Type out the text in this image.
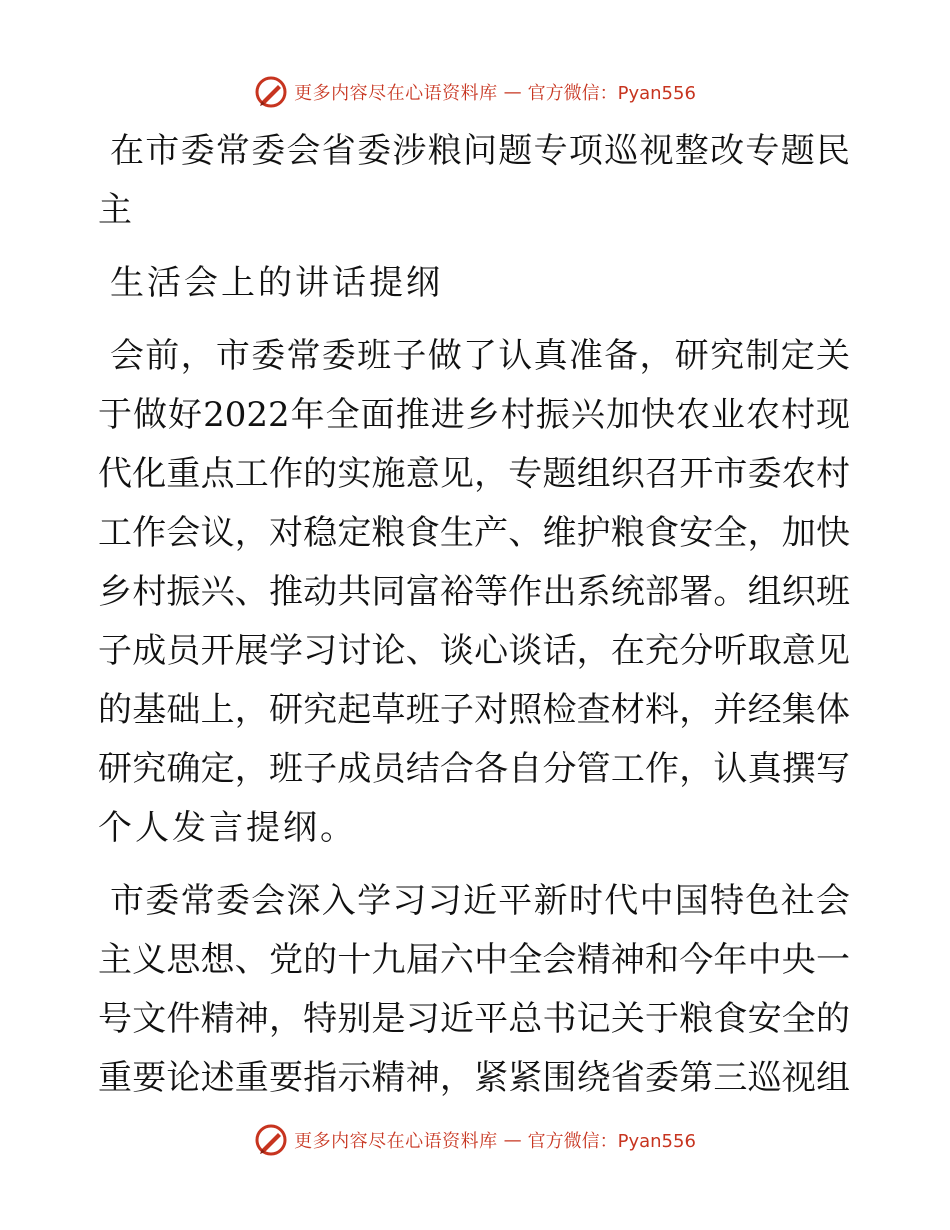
更多内容尽在心语资料库 — 官方微信：Pyan556
在市委常委会省委涉粮问题专项巡视整改专题民
主
生活会上的讲话提纲
会前，市委常委班子做了认真准备，研究制定关
于做好2022年全面推进乡村振兴加快农业农村现
代化重点工作的实施意见，专题组织召开市委农村
工作会议，对稳定粮食生产、维护粮食安全，加快
乡村振兴、推动共同富裕等作出系统部署。组织班
子成员开展学习讨论、谈心谈话，在充分听取意见
的基础上，研究起草班子对照检查材料，并经集体
研究确定，班子成员结合各自分管工作，认真撰写
个人发言提纲。
市委常委会深入学习习近平新时代中国特色社会
主义思想、党的十九届六中全会精神和今年中央一
号文件精神，特别是习近平总书记关于粮食安全的
重要论述重要指示精神，紧紧围绕省委第三巡视组
更多内容尽在心语资料库 — 官方微信：Pyan556
